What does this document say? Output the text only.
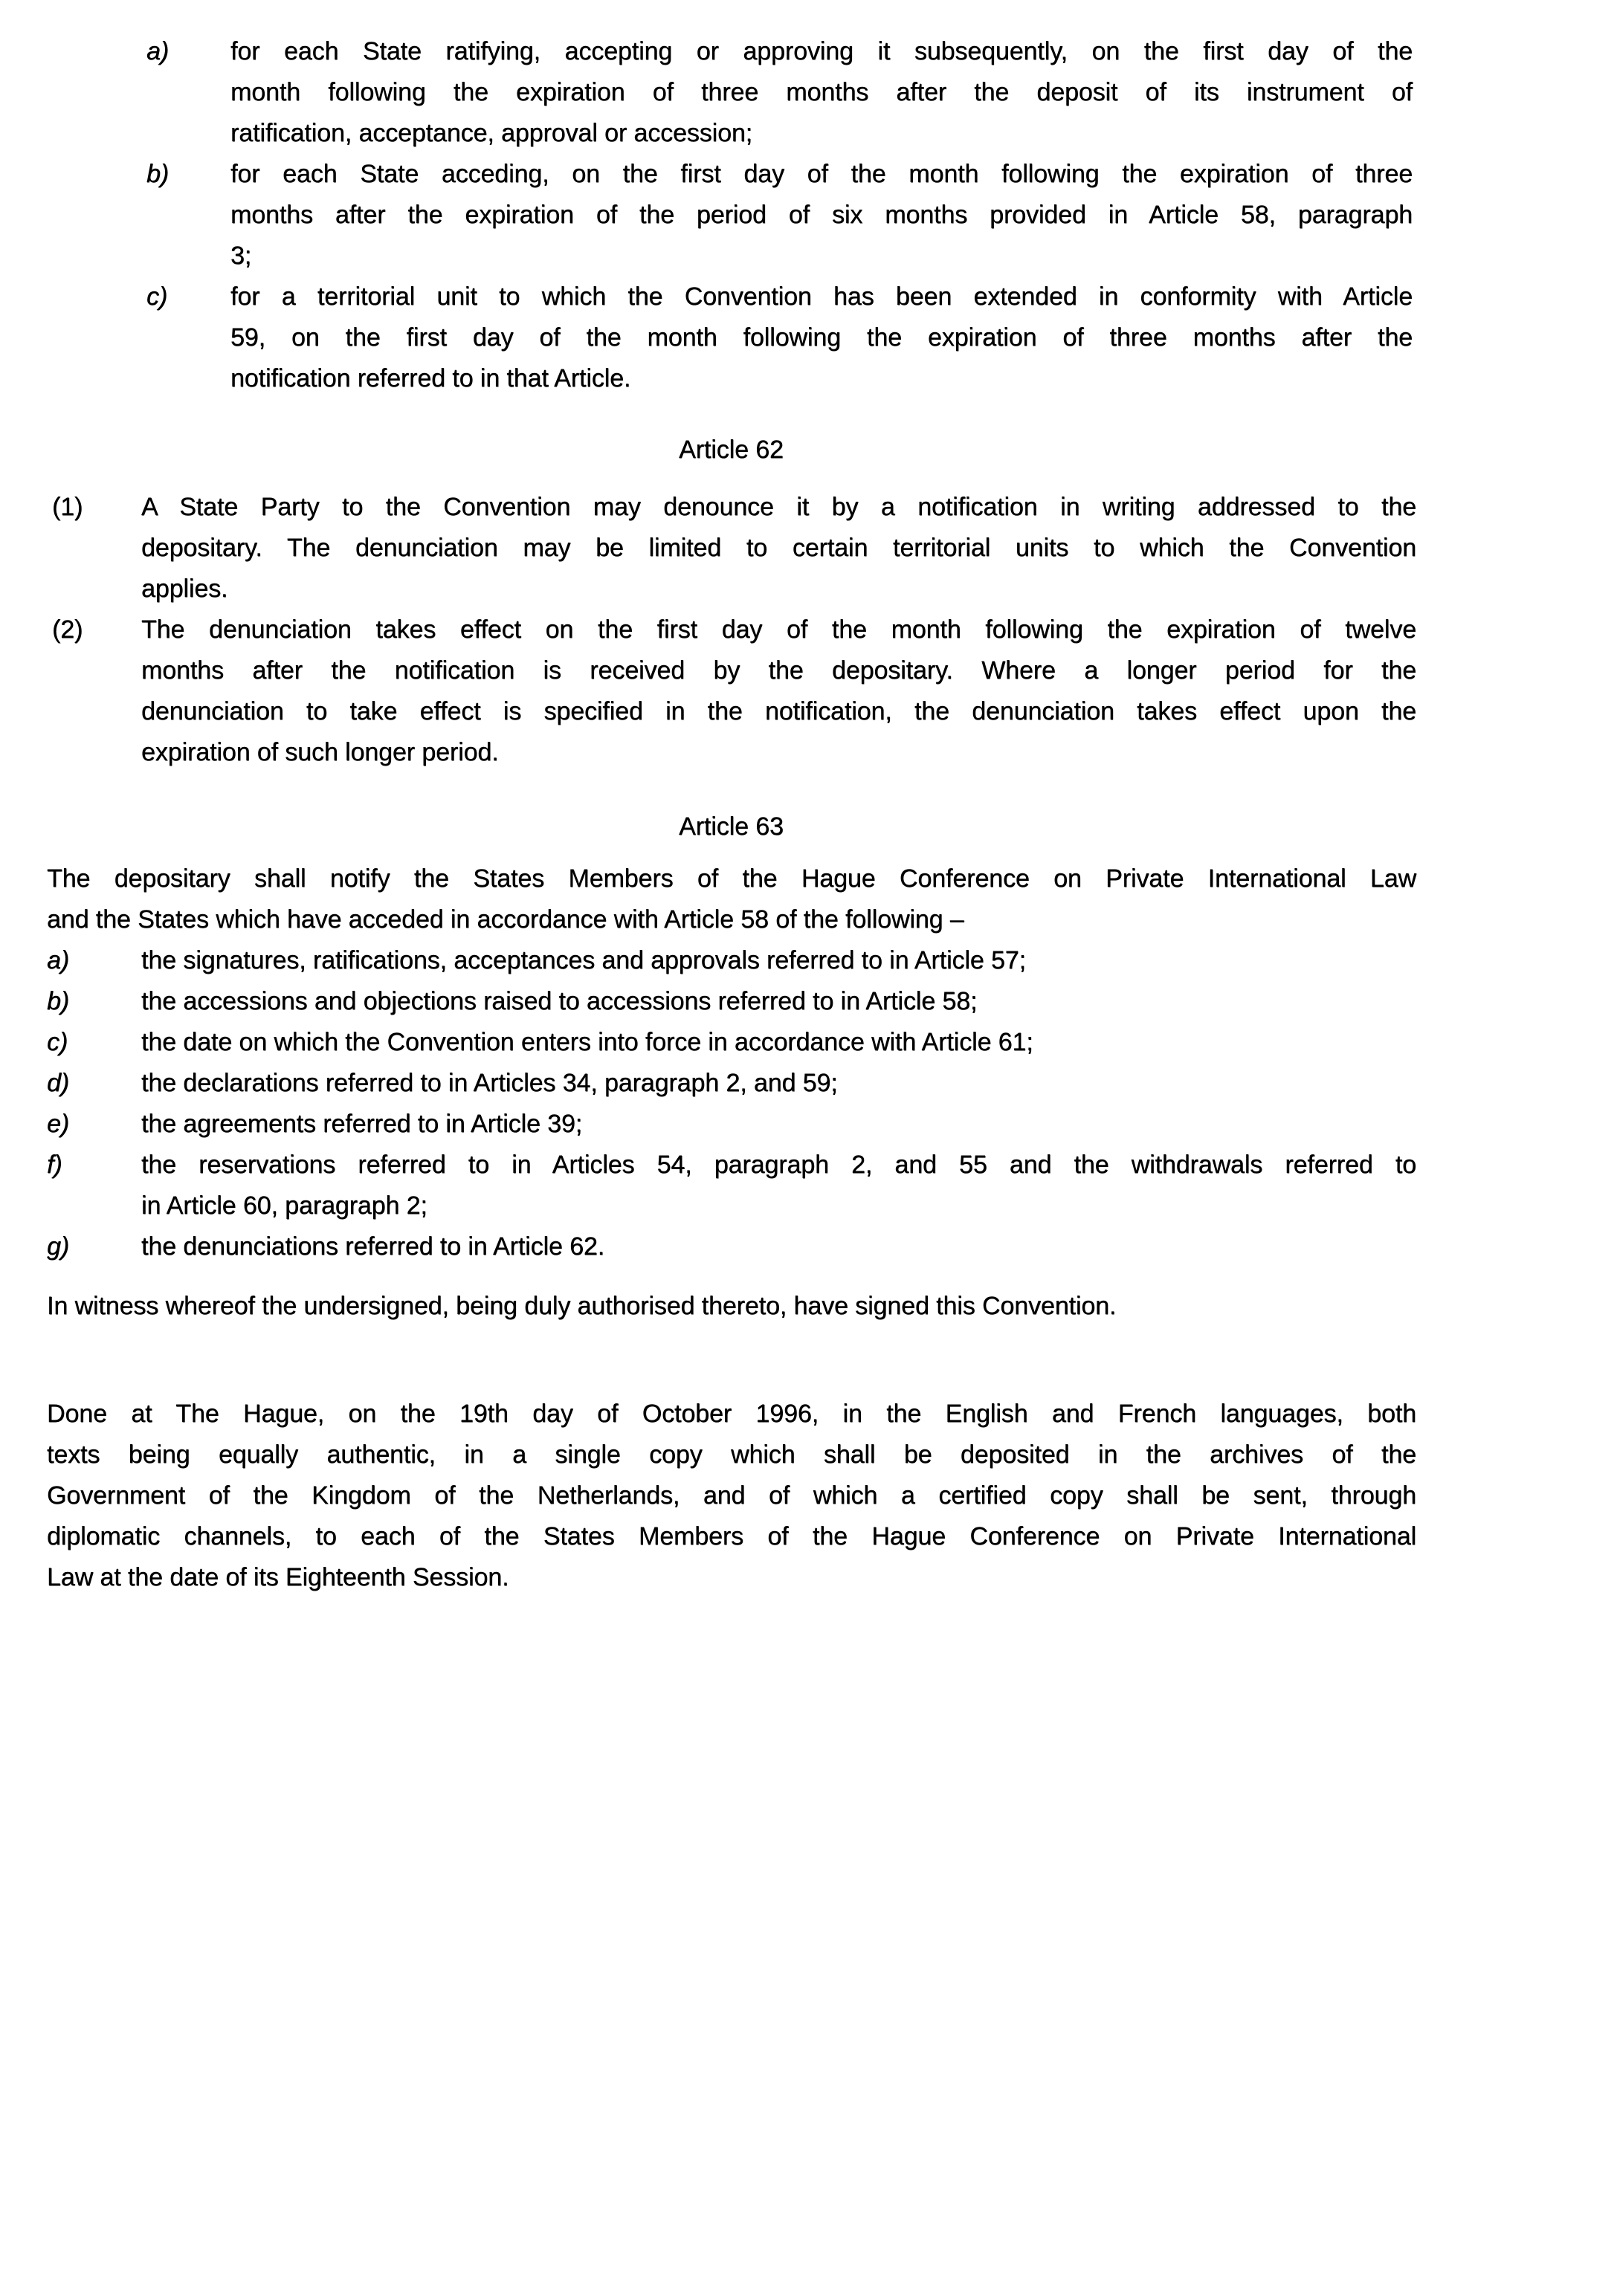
a)	for each State ratifying, accepting or approving it subsequently, on the first day of the
month following the expiration of three months after the deposit of its instrument of
ratification, acceptance, approval or accession;
b)	for each State acceding, on the first day of the month following the expiration of three
months after the expiration of the period of six months provided in Article 58, paragraph
3;
c)	for a territorial unit to which the Convention has been extended in conformity with Article
59, on the first day of the month following the expiration of three months after the
notification referred to in that Article.
Article 62
(1)	A State Party to the Convention may denounce it by a notification in writing addressed to the
depositary. The denunciation may be limited to certain territorial units to which the Convention
applies.
(2)	The denunciation takes effect on the first day of the month following the expiration of twelve
months after the notification is received by the depositary. Where a longer period for the
denunciation to take effect is specified in the notification, the denunciation takes effect upon the
expiration of such longer period.
Article 63
The depositary shall notify the States Members of the Hague Conference on Private International Law
and the States which have acceded in accordance with Article 58 of the following –
a)	the signatures, ratifications, acceptances and approvals referred to in Article 57;
b)	the accessions and objections raised to accessions referred to in Article 58;
c)	the date on which the Convention enters into force in accordance with Article 61;
d)	the declarations referred to in Articles 34, paragraph 2, and 59;
e)	the agreements referred to in Article 39;
f)	the reservations referred to in Articles 54, paragraph 2, and 55 and the withdrawals referred to
in Article 60, paragraph 2;
g)	the denunciations referred to in Article 62.
In witness whereof the undersigned, being duly authorised thereto, have signed this Convention.
Done at The Hague, on the 19th day of October 1996, in the English and French languages, both
texts being equally authentic, in a single copy which shall be deposited in the archives of the
Government of the Kingdom of the Netherlands, and of which a certified copy shall be sent, through
diplomatic channels, to each of the States Members of the Hague Conference on Private International
Law at the date of its Eighteenth Session.
